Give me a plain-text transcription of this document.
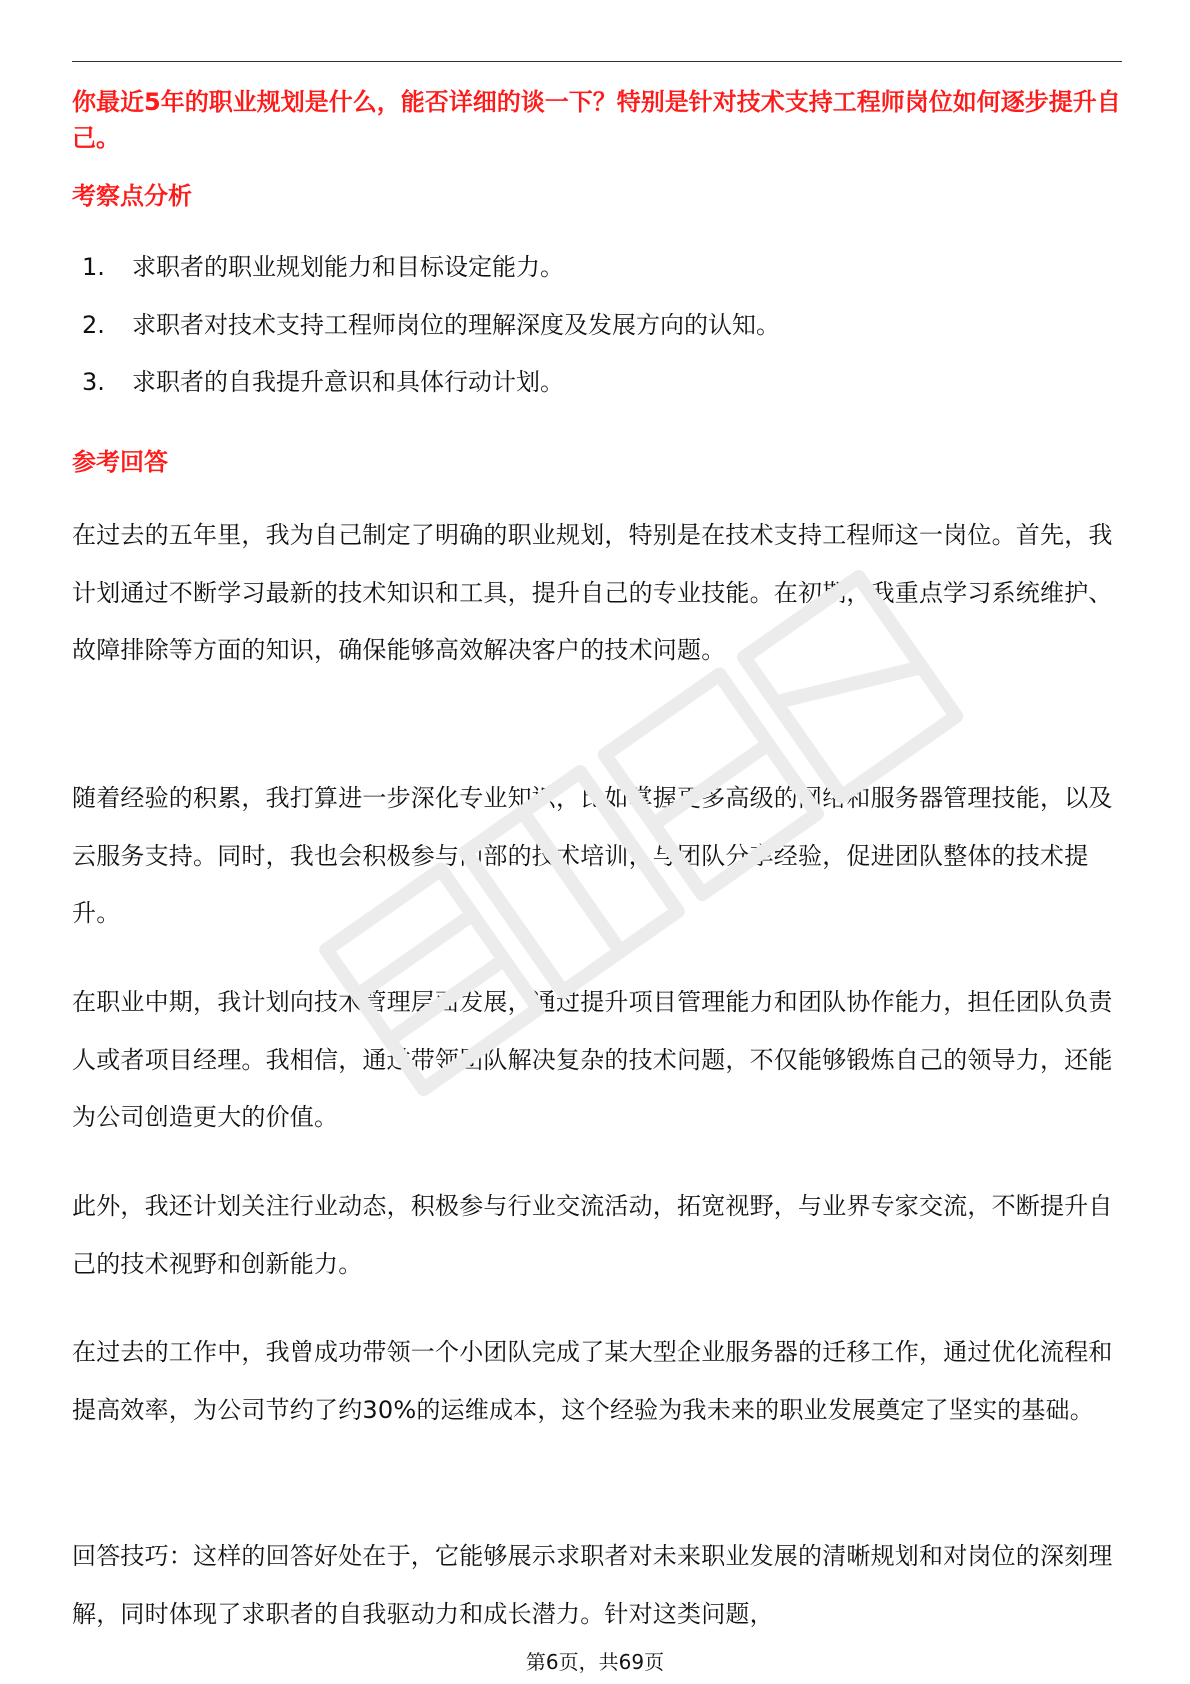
你最近5年的职业规划是什么，能否详细的谈一下？特别是针对技术支持工程师岗位如何逐步提升自己。

考察点分析
1.	求职者的职业规划能力和目标设定能力。
2.	求职者对技术支持工程师岗位的理解深度及发展方向的认知。
3.	求职者的自我提升意识和具体行动计划。
参考回答

在过去的五年里，我为自己制定了明确的职业规划，特别是在技术支持工程师这一岗位。首先，我计划通过不断学习最新的技术知识和工具，提升自己的专业技能。在初期，我重点学习系统维护、故障排除等方面的知识，确保能够高效解决客户的技术问题。

随着经验的积累，我打算进一步深化专业知识，比如掌握更多高级的网络和服务器管理技能，以及云服务支持。同时，我也会积极参与内部的技术培训，与团队分享经验，促进团队整体的技术提升。

在职业中期，我计划向技术管理层面发展，通过提升项目管理能力和团队协作能力，担任团队负责人或者项目经理。我相信，通过带领团队解决复杂的技术问题，不仅能够锻炼自己的领导力，还能为公司创造更大的价值。

此外，我还计划关注行业动态，积极参与行业交流活动，拓宽视野，与业界专家交流，不断提升自己的技术视野和创新能力。

在过去的工作中，我曾成功带领一个小团队完成了某大型企业服务器的迁移工作，通过优化流程和提高效率，为公司节约了约30%的运维成本，这个经验为我未来的职业发展奠定了坚实的基础。

回答技巧：这样的回答好处在于，它能够展示求职者对未来职业发展的清晰规划和对岗位的深刻理解，同时体现了求职者的自我驱动力和成长潜力。针对这类问题，

第6页，共69页
